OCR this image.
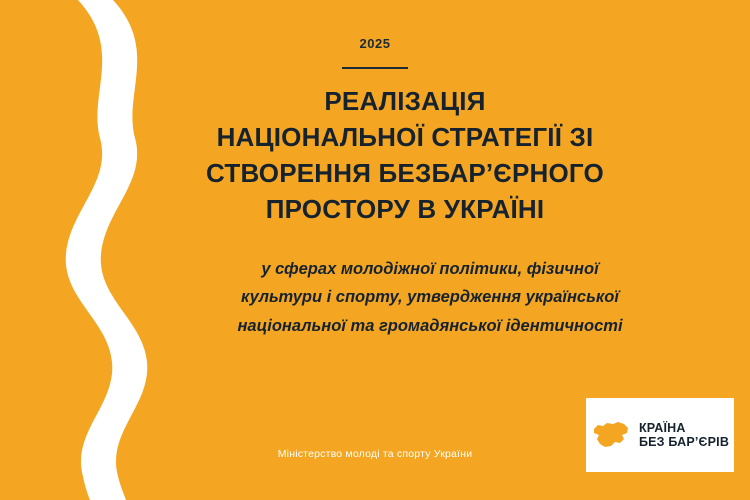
2025
РЕАЛІЗАЦІЯ
НАЦІОНАЛЬНОЇ СТРАТЕГІЇ ЗІ
СТВОРЕННЯ БЕЗБАР’ЄРНОГО
ПРОСТОРУ В УКРАЇНІ
у сферах молодіжної політики, фізичної
культури і спорту, утвердження української
національної та громадянської ідентичності
Міністерство молоді та спорту України
КРАЇНА
БЕЗ БАР’ЄРІВ
